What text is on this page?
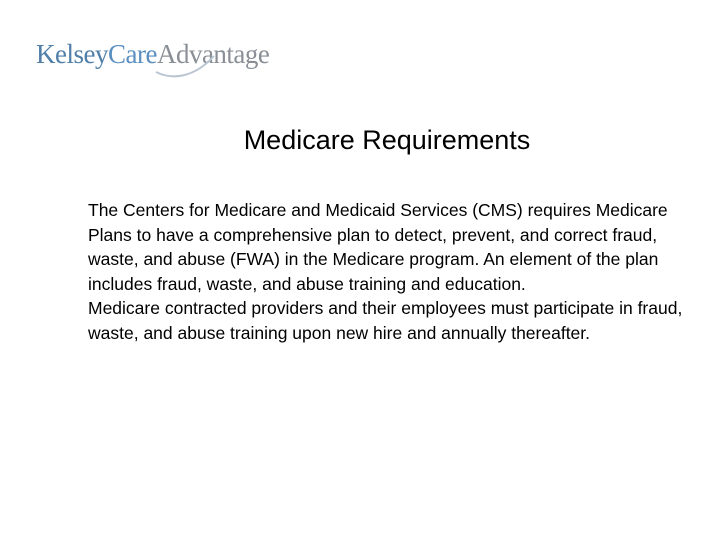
Kelsey Care Advantage
Medicare Requirements

The Centers for Medicare and Medicaid Services (CMS) requires Medicare Plans to have a comprehensive plan to detect, prevent, and correct fraud, waste, and abuse (FWA) in the Medicare program. An element of the plan includes fraud, waste, and abuse training and education.

Medicare contracted providers and their employees must participate in fraud, waste, and abuse training upon new hire and annually thereafter.
